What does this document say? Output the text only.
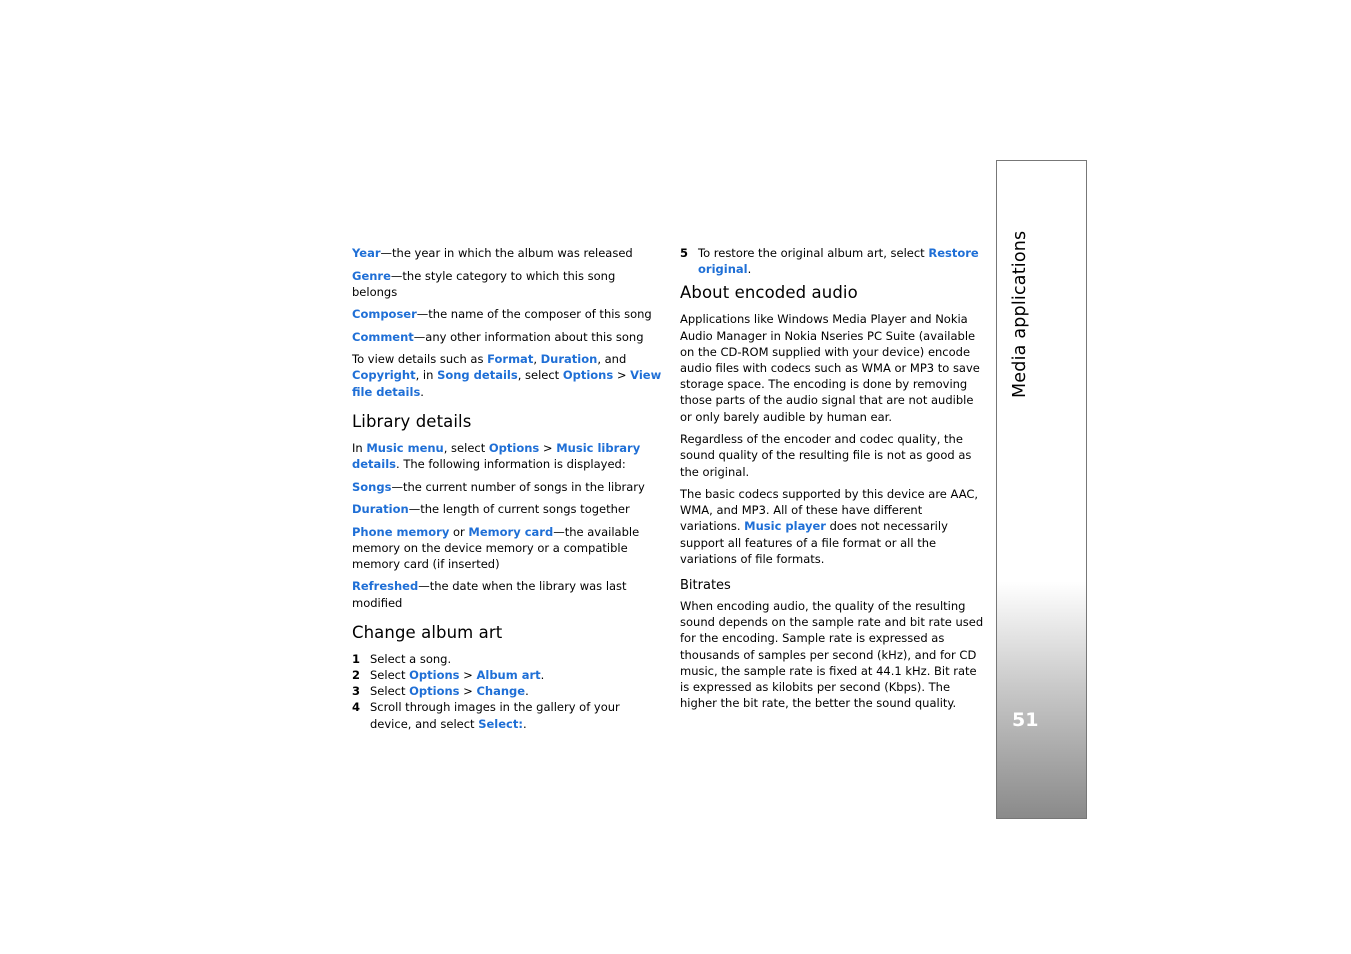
Year—the year in which the album was released

Genre—the style category to which this song belongs

Composer—the name of the composer of this song

Comment—any other information about this song

To view details such as Format, Duration, and Copyright, in Song details, select Options > View file details.

Library details

In Music menu, select Options > Music library details. The following information is displayed:

Songs—the current number of songs in the library

Duration—the length of current songs together

Phone memory or Memory card—the available memory on the device memory or a compatible memory card (if inserted)

Refreshed—the date when the library was last modified

Change album art

1 Select a song.

2 Select Options > Album art.

3 Select Options > Change.

4 Scroll through images in the gallery of your device, and select Select:.

5 To restore the original album art, select Restore original.

About encoded audio

Applications like Windows Media Player and Nokia Audio Manager in Nokia Nseries PC Suite (available on the CD-ROM supplied with your device) encode audio files with codecs such as WMA or MP3 to save storage space. The encoding is done by removing those parts of the audio signal that are not audible or only barely audible by human ear.

Regardless of the encoder and codec quality, the sound quality of the resulting file is not as good as the original.

The basic codecs supported by this device are AAC, WMA, and MP3. All of these have different variations. Music player does not necessarily support all features of a file format or all the variations of file formats.

Bitrates

When encoding audio, the quality of the resulting sound depends on the sample rate and bit rate used for the encoding. Sample rate is expressed as thousands of samples per second (kHz), and for CD music, the sample rate is fixed at 44.1 kHz. Bit rate is expressed as kilobits per second (Kbps). The higher the bit rate, the better the sound quality.

Media applications
51
